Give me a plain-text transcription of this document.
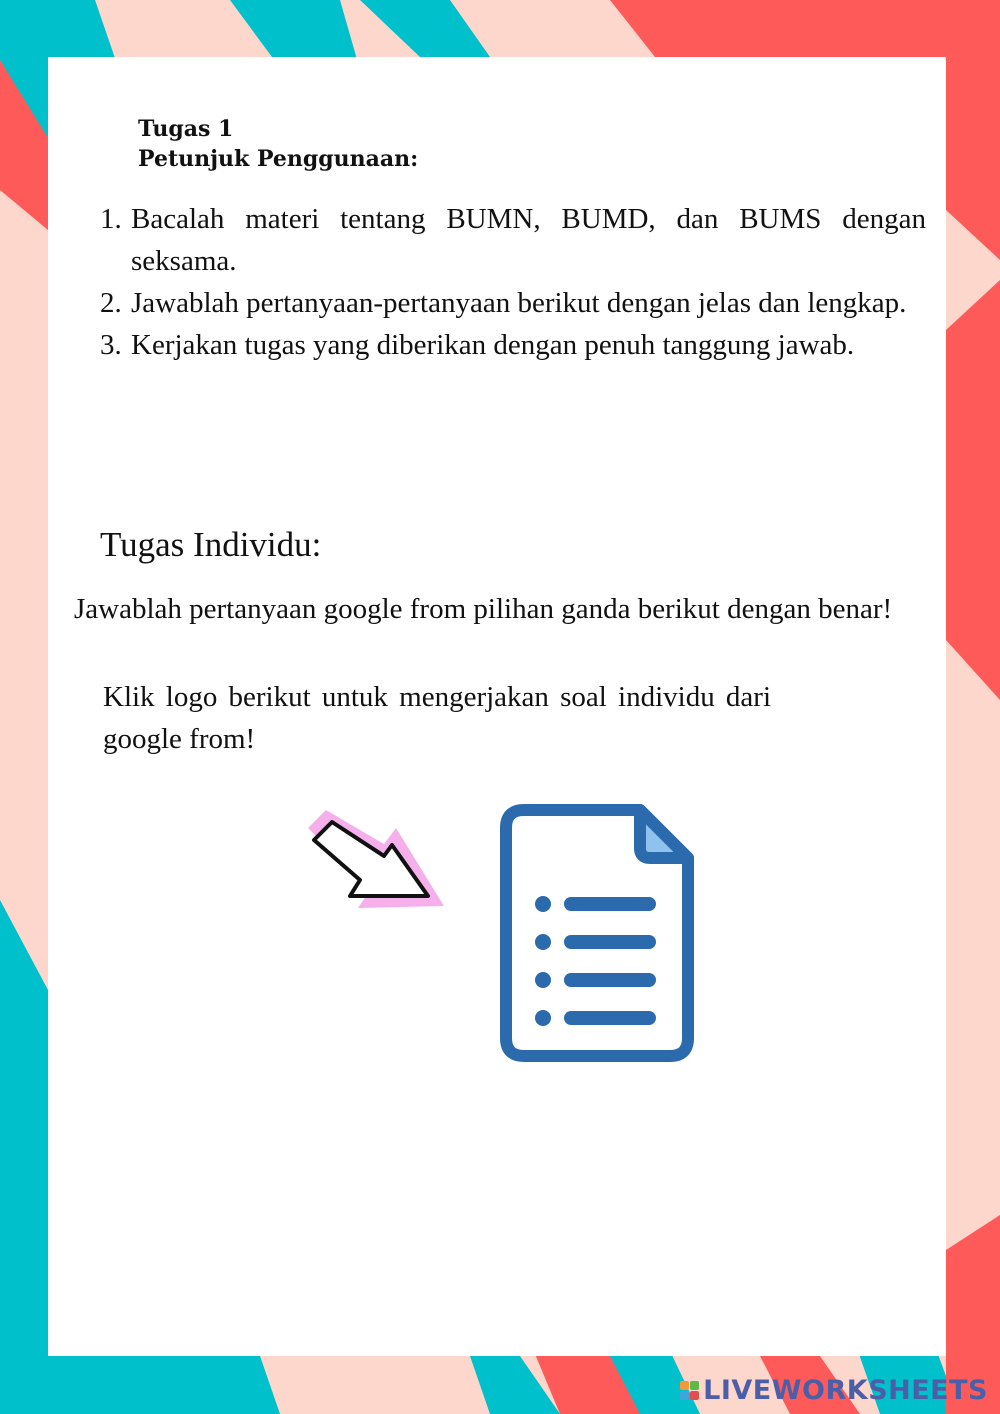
Tugas 1
Petunjuk Penggunaan:
1. Bacalah materi tentang BUMN, BUMD, dan BUMS dengan seksama.
2. Jawablah pertanyaan-pertanyaan berikut dengan jelas dan lengkap.
3. Kerjakan tugas yang diberikan dengan penuh tanggung jawab.
Tugas Individu:
Jawablah pertanyaan google from pilihan ganda berikut dengan benar!
Klik logo berikut untuk mengerjakan soal individu dari google from!
LIVEWORKSHEETS
